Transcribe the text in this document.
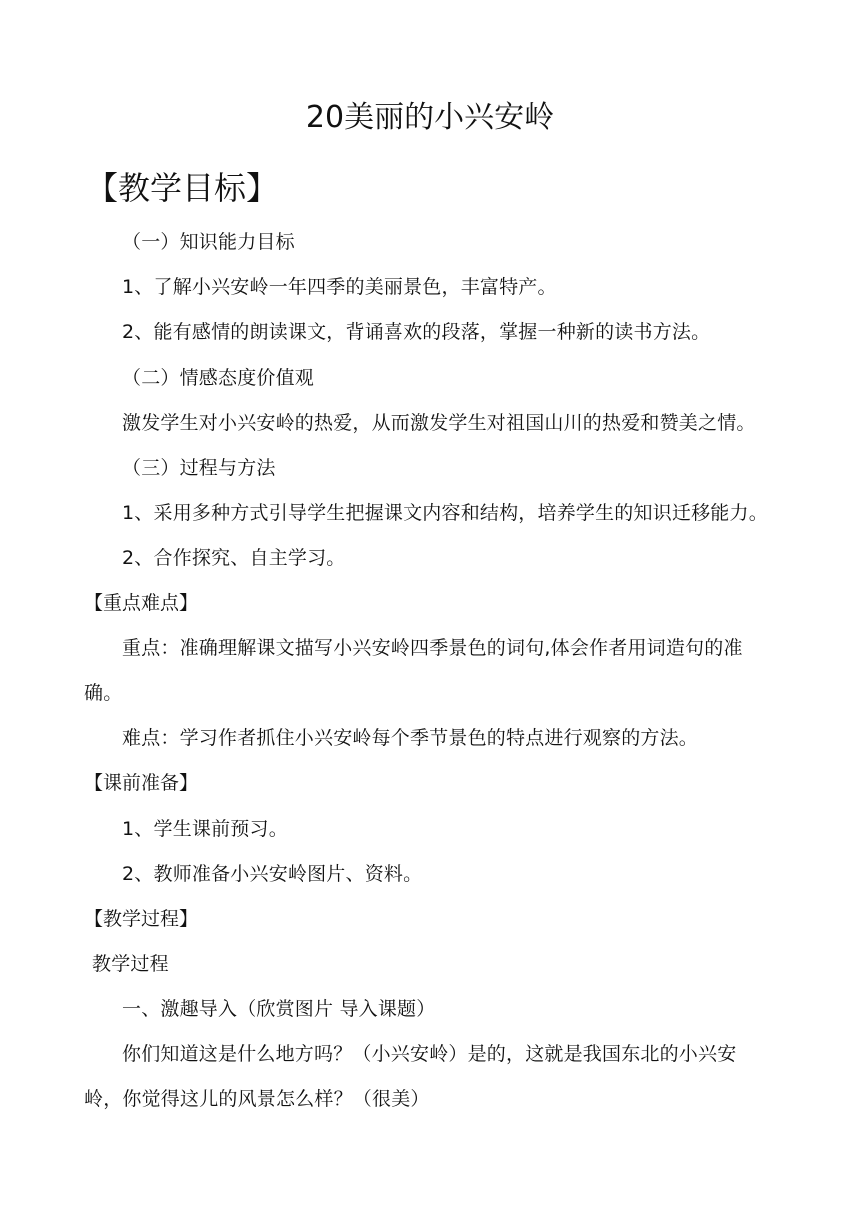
20美丽的小兴安岭
【教学目标】
（一）知识能力目标
1、了解小兴安岭一年四季的美丽景色，丰富特产。
2、能有感情的朗读课文，背诵喜欢的段落，掌握一种新的读书方法。
（二）情感态度价值观
激发学生对小兴安岭的热爱，从而激发学生对祖国山川的热爱和赞美之情。
（三）过程与方法
1、采用多种方式引导学生把握课文内容和结构，培养学生的知识迁移能力。
2、合作探究、自主学习。
【重点难点】
重点：准确理解课文描写小兴安岭四季景色的词句,体会作者用词造句的准
确。
难点：学习作者抓住小兴安岭每个季节景色的特点进行观察的方法。
【课前准备】
1、学生课前预习。
2、教师准备小兴安岭图片、资料。
【教学过程】
教学过程
一、激趣导入（欣赏图片 导入课题）
你们知道这是什么地方吗？（小兴安岭）是的，这就是我国东北的小兴安
岭，你觉得这儿的风景怎么样？（很美）
